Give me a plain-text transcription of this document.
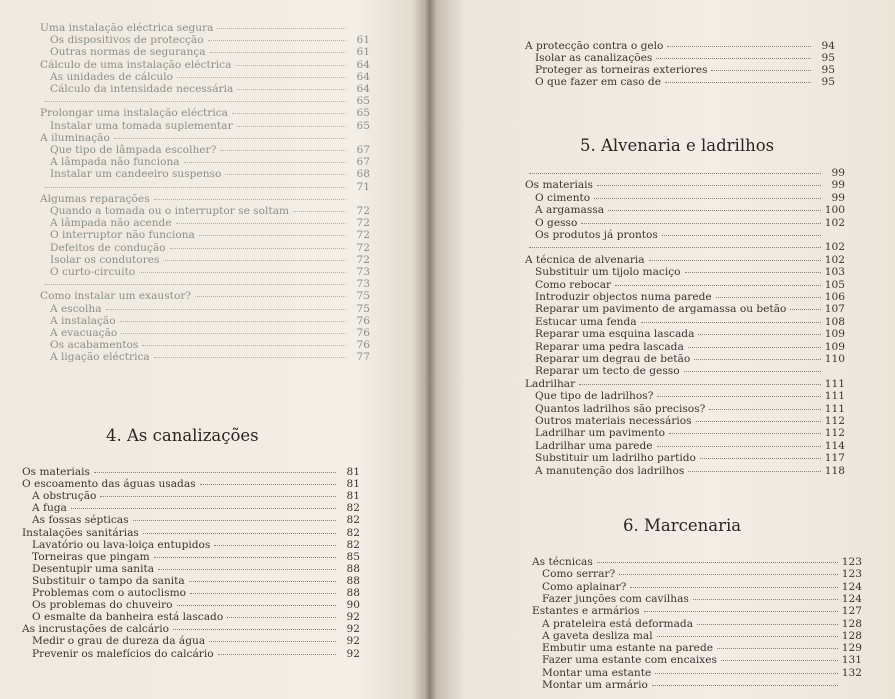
Uma instalação eléctrica segura
Os dispositivos de protecção	61
Outras normas de segurança	61
Cálculo de uma instalação eléctrica	64
As unidades de cálculo	64
Cálculo da intensidade necessária	64
65
Prolongar uma instalação eléctrica	65
Instalar uma tomada suplementar	65
A iluminação
Que tipo de lâmpada escolher?	67
A lâmpada não funciona	67
Instalar um candeeiro suspenso	68
71
Algumas reparações
Quando a tomada ou o interruptor se soltam	72
A lâmpada não acende	72
O interruptor não funciona	72
Defeitos de condução	72
Isolar os condutores	72
O curto-circuito	73
73
Como instalar um exaustor?	75
A escolha	75
A instalação	76
A evacuação	76
Os acabamentos	76
A ligação eléctrica	77
4. As canalizações
Os materiais	81
O escoamento das águas usadas	81
A obstrução	81
A fuga	82
As fossas sépticas	82
Instalações sanitárias	82
Lavatório ou lava-loiça entupidos	82
Torneiras que pingam	85
Desentupir uma sanita	88
Substituir o tampo da sanita	88
Problemas com o autoclismo	88
Os problemas do chuveiro	90
O esmalte da banheira está lascado	92
As incrustações de calcário	92
Medir o grau de dureza da água	92
Prevenir os malefícios do calcário	92
A protecção contra o gelo	94
Isolar as canalizações	95
Proteger as torneiras exteriores	95
O que fazer em caso de	95
5. Alvenaria e ladrilhos
99
Os materiais	99
O cimento	99
A argamassa	100
O gesso	102
Os produtos já prontos
102
A técnica de alvenaria	102
Substituir um tijolo maciço	103
Como rebocar	105
Introduzir objectos numa parede	106
Reparar um pavimento de argamassa ou betão	107
Estucar uma fenda	108
Reparar uma esquina lascada	109
Reparar uma pedra lascada	109
Reparar um degrau de betão	110
Reparar um tecto de gesso
Ladrilhar	111
Que tipo de ladrilhos?	111
Quantos ladrilhos são precisos?	111
Outros materiais necessários	112
Ladrilhar um pavimento	112
Ladrilhar uma parede	114
Substituir um ladrilho partido	117
A manutenção dos ladrilhos	118
6. Marcenaria
As técnicas	123
Como serrar?	123
Como aplainar?	124
Fazer junções com cavilhas	124
Estantes e armários	127
A prateleira está deformada	128
A gaveta desliza mal	128
Embutir uma estante na parede	129
Fazer uma estante com encaixes	131
Montar uma estante	132
Montar um armário
